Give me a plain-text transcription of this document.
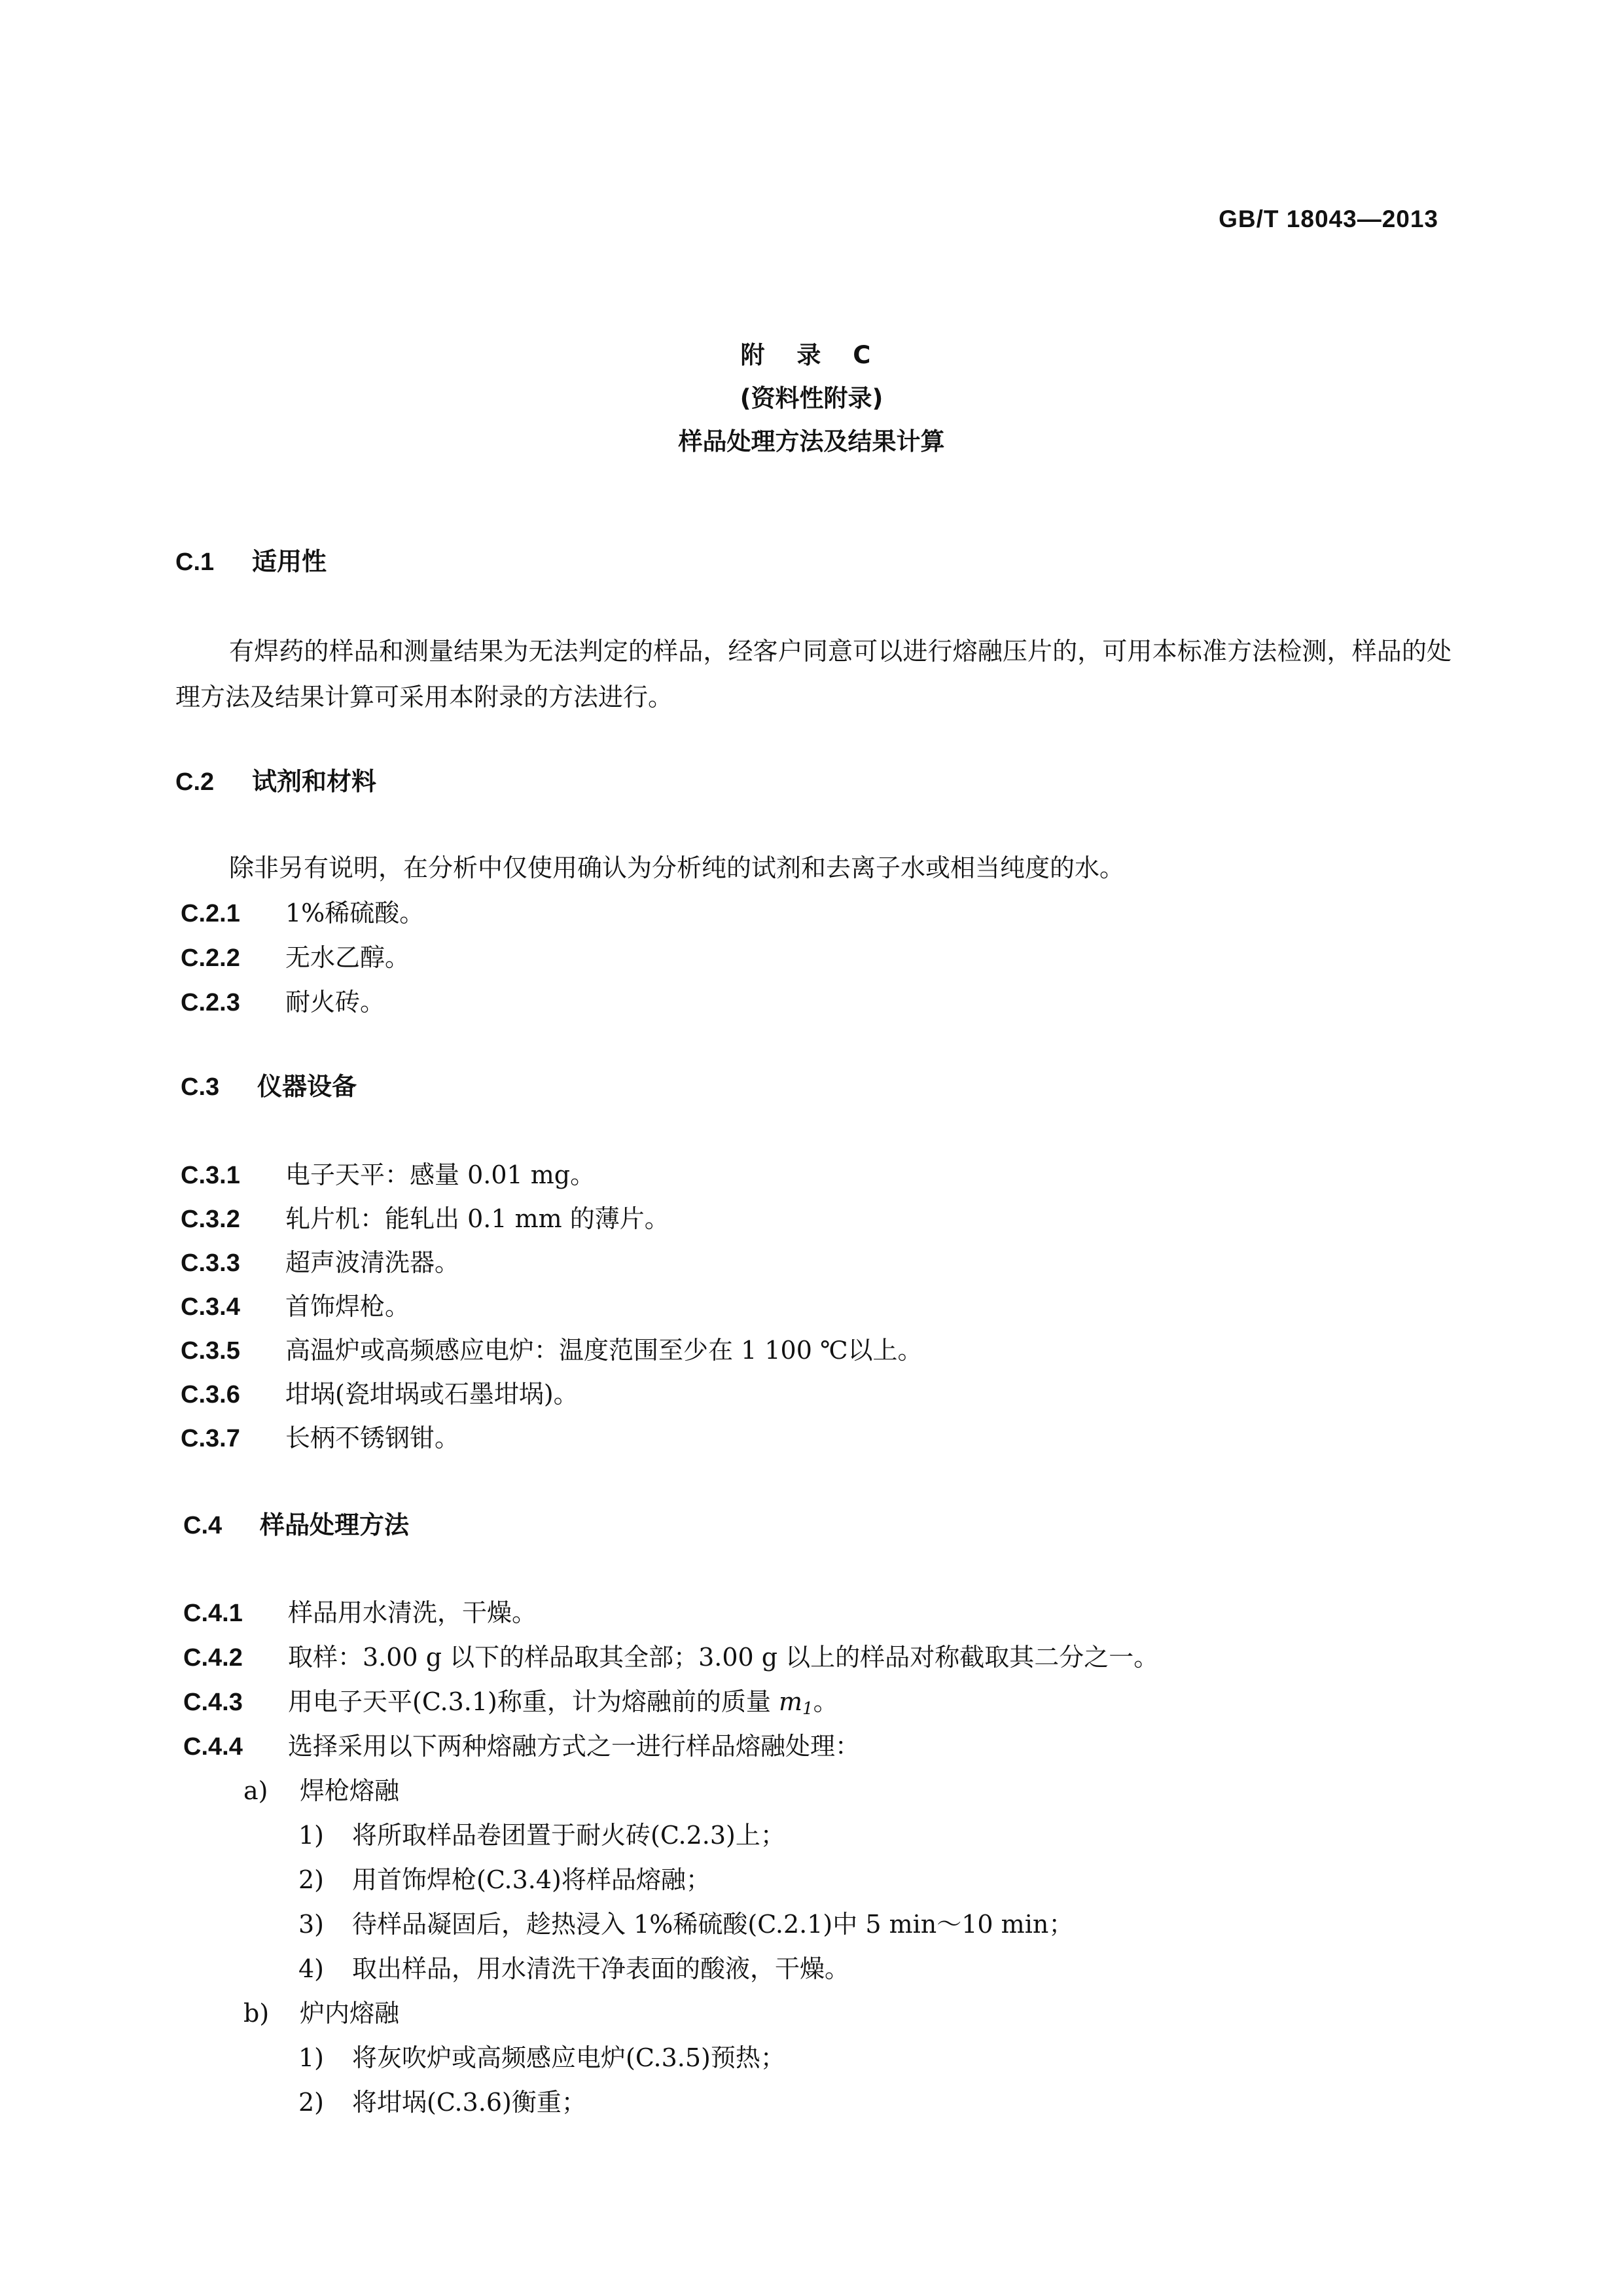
GB/T 18043—2013
附 录 C
(资料性附录)
样品处理方法及结果计算
C.1 适用性
有焊药的样品和测量结果为无法判定的样品，经客户同意可以进行熔融压片的，可用本标准方法检测，样品的处理方法及结果计算可采用本附录的方法进行。
C.2 试剂和材料
除非另有说明，在分析中仅使用确认为分析纯的试剂和去离子水或相当纯度的水。
C.2.1 1%稀硫酸。
C.2.2 无水乙醇。
C.2.3 耐火砖。
C.3 仪器设备
C.3.1 电子天平：感量 0.01 mg。
C.3.2 轧片机：能轧出 0.1 mm 的薄片。
C.3.3 超声波清洗器。
C.3.4 首饰焊枪。
C.3.5 高温炉或高频感应电炉：温度范围至少在 1 100 ℃以上。
C.3.6 坩埚(瓷坩埚或石墨坩埚)。
C.3.7 长柄不锈钢钳。
C.4 样品处理方法
C.4.1 样品用水清洗，干燥。
C.4.2 取样：3.00 g 以下的样品取其全部；3.00 g 以上的样品对称截取其二分之一。
C.4.3 用电子天平(C.3.1)称重，计为熔融前的质量 $m_1$。
C.4.4 选择采用以下两种熔融方式之一进行样品熔融处理：
a) 焊枪熔融
1) 将所取样品卷团置于耐火砖(C.2.3)上；
2) 用首饰焊枪(C.3.4)将样品熔融；
3) 待样品凝固后，趁热浸入 1%稀硫酸(C.2.1)中 5 min～10 min；
4) 取出样品，用水清洗干净表面的酸液，干燥。
b) 炉内熔融
1) 将灰吹炉或高频感应电炉(C.3.5)预热；
2) 将坩埚(C.3.6)衡重；
